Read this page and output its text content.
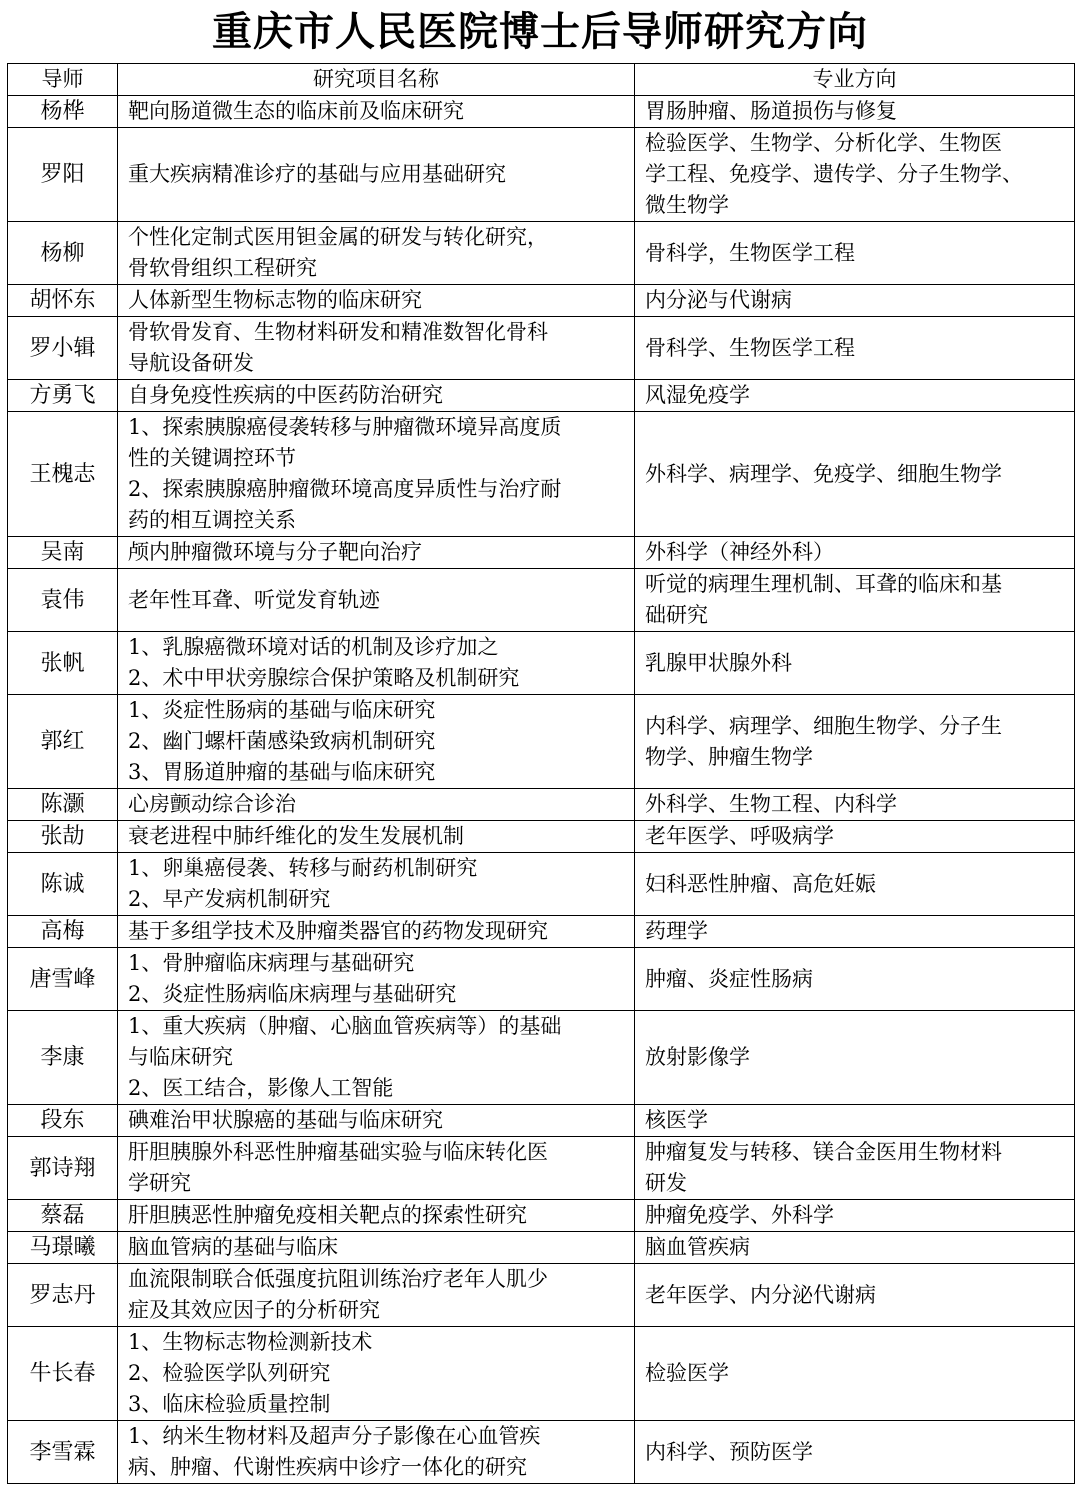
重庆市人民医院博士后导师研究方向
导师	研究项目名称	专业方向
杨桦	靶向肠道微生态的临床前及临床研究	胃肠肿瘤、肠道损伤与修复

罗阳	重大疾病精准诊疗的基础与应用基础研究	检验医学、生物学、分析化学、生物医
学工程、免疫学、遗传学、分子生物学、
微生物学

杨柳	个性化定制式医用钽金属的研发与转化研究，
骨软骨组织工程研究	骨科学，生物医学工程

胡怀东	人体新型生物标志物的临床研究	内分泌与代谢病

罗小辑	骨软骨发育、生物材料研发和精准数智化骨科
导航设备研发	骨科学、生物医学工程

方勇飞	自身免疫性疾病的中医药防治研究	风湿免疫学

王槐志	1、探索胰腺癌侵袭转移与肿瘤微环境异高度质
性的关键调控环节
2、探索胰腺癌肿瘤微环境高度异质性与治疗耐
药的相互调控关系	外科学、病理学、免疫学、细胞生物学

吴南	颅内肿瘤微环境与分子靶向治疗	外科学（神经外科）

袁伟	老年性耳聋、听觉发育轨迹	听觉的病理生理机制、耳聋的临床和基
础研究

张帆	1、乳腺癌微环境对话的机制及诊疗加之
2、术中甲状旁腺综合保护策略及机制研究	乳腺甲状腺外科

郭红	1、炎症性肠病的基础与临床研究
2、幽门螺杆菌感染致病机制研究
3、胃肠道肿瘤的基础与临床研究	内科学、病理学、细胞生物学、分子生
物学、肿瘤生物学

陈灏	心房颤动综合诊治	外科学、生物工程、内科学

张劼	衰老进程中肺纤维化的发生发展机制	老年医学、呼吸病学

陈诚	1、卵巢癌侵袭、转移与耐药机制研究
2、早产发病机制研究	妇科恶性肿瘤、高危妊娠

高梅	基于多组学技术及肿瘤类器官的药物发现研究	药理学

唐雪峰	1、骨肿瘤临床病理与基础研究
2、炎症性肠病临床病理与基础研究	肿瘤、炎症性肠病

李康	1、重大疾病（肿瘤、心脑血管疾病等）的基础
与临床研究
2、医工结合，影像人工智能	放射影像学

段东	碘难治甲状腺癌的基础与临床研究	核医学

郭诗翔	肝胆胰腺外科恶性肿瘤基础实验与临床转化医
学研究	肿瘤复发与转移、镁合金医用生物材料
研发

蔡磊	肝胆胰恶性肿瘤免疫相关靶点的探索性研究	肿瘤免疫学、外科学

马璟曦	脑血管病的基础与临床	脑血管疾病

罗志丹	血流限制联合低强度抗阻训练治疗老年人肌少
症及其效应因子的分析研究	老年医学、内分泌代谢病

牛长春	1、生物标志物检测新技术
2、检验医学队列研究
3、临床检验质量控制	检验医学

李雪霖	1、纳米生物材料及超声分子影像在心血管疾
病、肿瘤、代谢性疾病中诊疗一体化的研究	内科学、预防医学
